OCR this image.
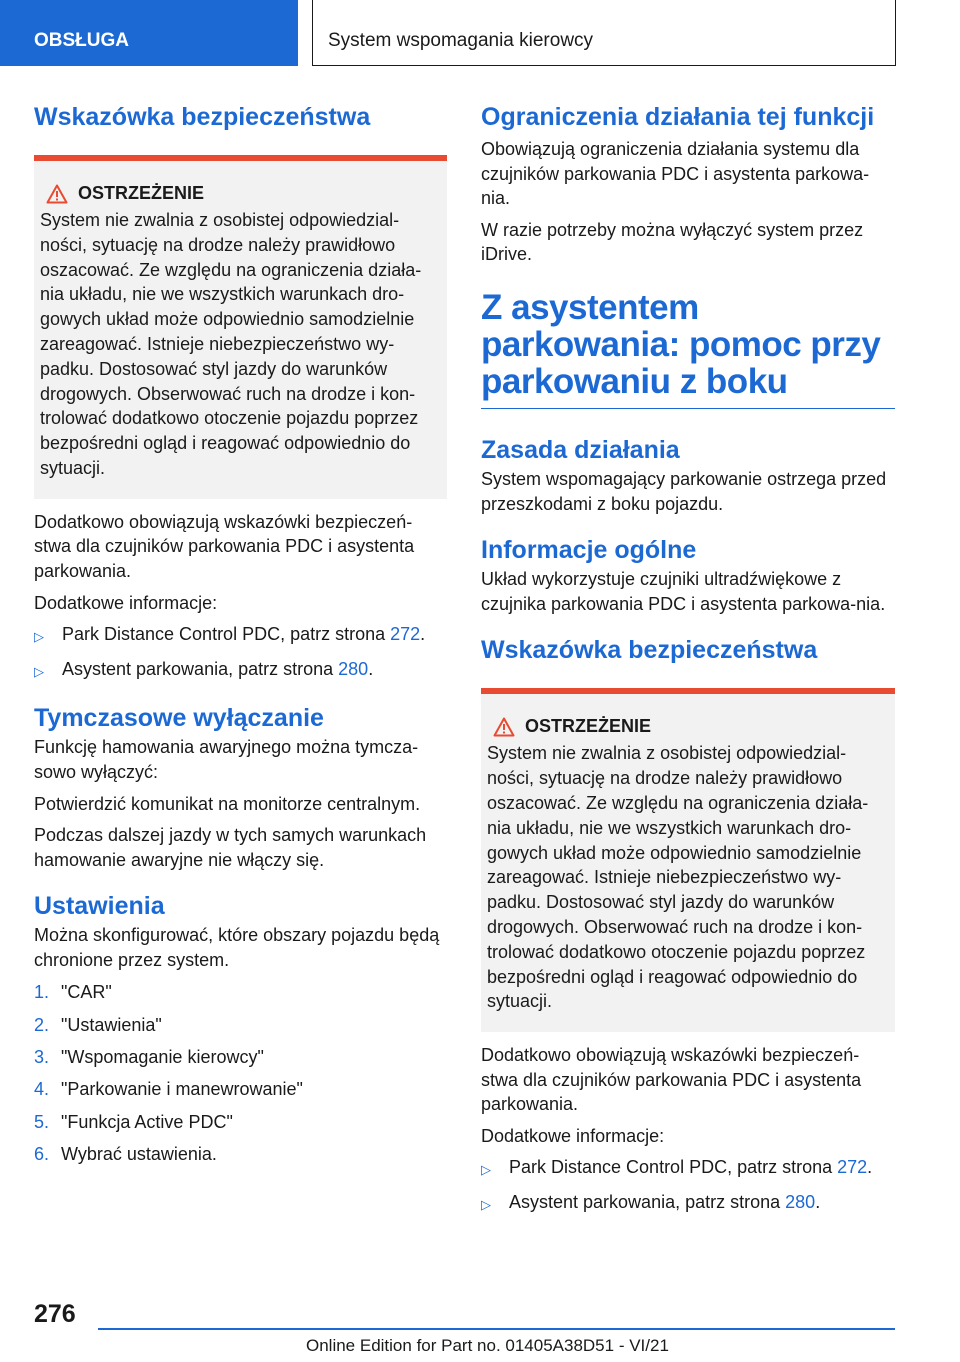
OBSŁUGA	System wspomagania kierowcy
Wskazówka bezpieczeństwa
OSTRZEŻENIE

System nie zwalnia z osobistej odpowiedzial-ności, sytuację na drodze należy prawidłowo oszacować. Ze względu na ograniczenia działa-nia układu, nie we wszystkich warunkach dro-gowych układ może odpowiednio samodzielnie zareagować. Istnieje niebezpieczeństwo wy-padku. Dostosować styl jazdy do warunków drogowych. Obserwować ruch na drodze i kon-trolować dodatkowo otoczenie pojazdu poprzez bezpośredni ogląd i reagować odpowiednio do sytuacji.

Dodatkowo obowiązują wskazówki bezpieczeń-stwa dla czujników parkowania PDC i asystenta parkowania.

Dodatkowe informacje:

▷	Park Distance Control PDC, patrz strona 272.
▷	Asystent parkowania, patrz strona 280.
Tymczasowe wyłączanie

Funkcję hamowania awaryjnego można tymcza-sowo wyłączyć:

Potwierdzić komunikat na monitorze centralnym.

Podczas dalszej jazdy w tych samych warunkach hamowanie awaryjne nie włączy się.

Ustawienia

Można skonfigurować, które obszary pojazdu będą chronione przez system.

1. "CAR"
2. "Ustawienia"
3. "Wspomaganie kierowcy"
4. "Parkowanie i manewrowanie"
5. "Funkcja Active PDC"
6. Wybrać ustawienia.
Ograniczenia działania tej funkcji

Obowiązują ograniczenia działania systemu dla czujników parkowania PDC i asystenta parkowa-nia.

W razie potrzeby można wyłączyć system przez iDrive.

Z asystentem parkowania: pomoc przy parkowaniu z boku
Zasada działania

System wspomagający parkowanie ostrzega przed przeszkodami z boku pojazdu.

Informacje ogólne

Układ wykorzystuje czujniki ultradźwiękowe z czujnika parkowania PDC i asystenta parkowa-nia.

Wskazówka bezpieczeństwa
OSTRZEŻENIE

System nie zwalnia z osobistej odpowiedzial-ności, sytuację na drodze należy prawidłowo oszacować. Ze względu na ograniczenia działa-nia układu, nie we wszystkich warunkach dro-gowych układ może odpowiednio samodzielnie zareagować. Istnieje niebezpieczeństwo wy-padku. Dostosować styl jazdy do warunków drogowych. Obserwować ruch na drodze i kon-trolować dodatkowo otoczenie pojazdu poprzez bezpośredni ogląd i reagować odpowiednio do sytuacji.

Dodatkowo obowiązują wskazówki bezpieczeń-stwa dla czujników parkowania PDC i asystenta parkowania.

Dodatkowe informacje:

▷	Park Distance Control PDC, patrz strona 272.
▷	Asystent parkowania, patrz strona 280.
276
Online Edition for Part no. 01405A38D51 - VI/21
